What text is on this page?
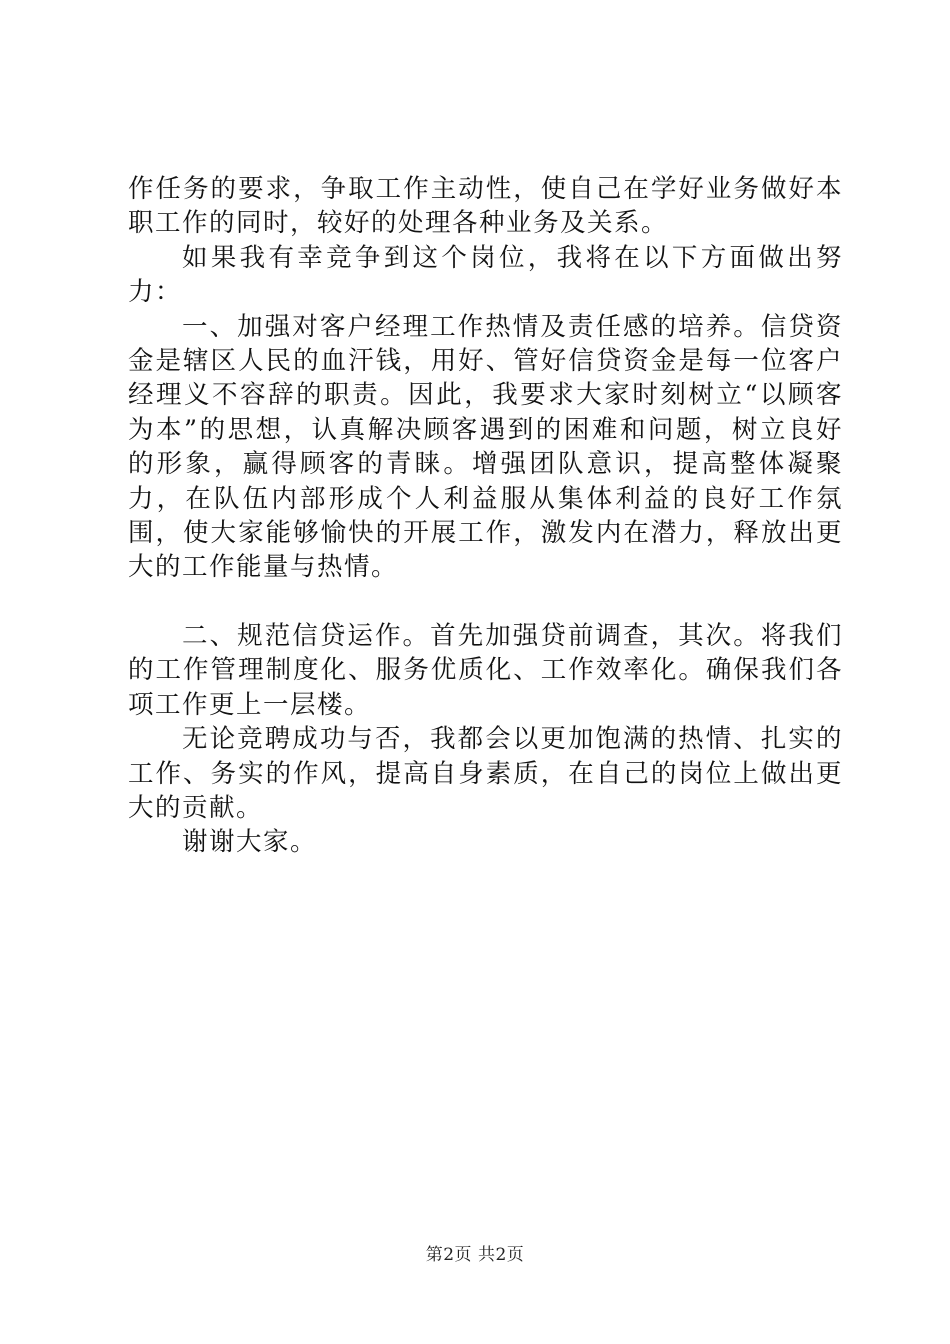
作任务的要求，争取工作主动性，使自己在学好业务做好本职工作的同时，较好的处理各种业务及关系。

如果我有幸竞争到这个岗位，我将在以下方面做出努力：

一、加强对客户经理工作热情及责任感的培养。信贷资金是辖区人民的血汗钱，用好、管好信贷资金是每一位客户经理义不容辞的职责。因此，我要求大家时刻树立“以顾客为本”的思想，认真解决顾客遇到的困难和问题，树立良好的形象，赢得顾客的青睐。增强团队意识，提高整体凝聚力，在队伍内部形成个人利益服从集体利益的良好工作氛围，使大家能够愉快的开展工作，激发内在潜力，释放出更大的工作能量与热情。

二、规范信贷运作。首先加强贷前调查，其次。将我们的工作管理制度化、服务优质化、工作效率化。确保我们各项工作更上一层楼。

无论竞聘成功与否，我都会以更加饱满的热情、扎实的工作、务实的作风，提高自身素质，在自己的岗位上做出更大的贡献。

谢谢大家。

第2页 共2页
